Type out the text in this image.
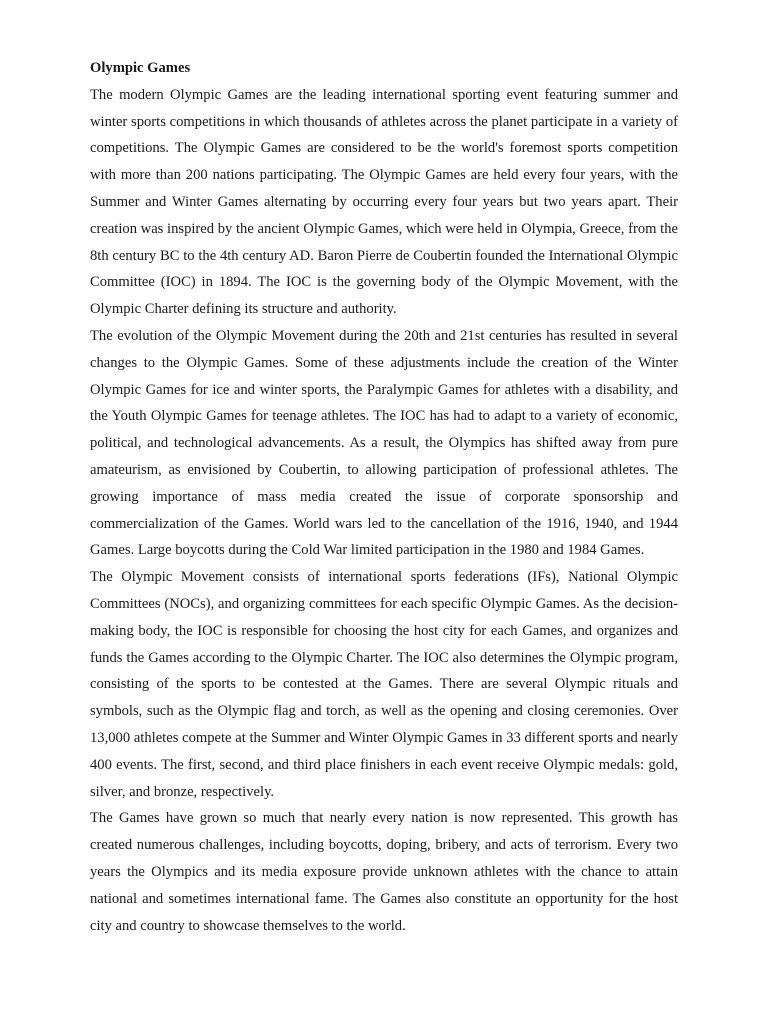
Olympic Games

The modern Olympic Games are the leading international sporting event featuring summer and winter sports competitions in which thousands of athletes across the planet participate in a variety of competitions. The Olympic Games are considered to be the world's foremost sports competition with more than 200 nations participating. The Olympic Games are held every four years, with the Summer and Winter Games alternating by occurring every four years but two years apart. Their creation was inspired by the ancient Olympic Games, which were held in Olympia, Greece, from the 8th century BC to the 4th century AD. Baron Pierre de Coubertin founded the International Olympic Committee (IOC) in 1894. The IOC is the governing body of the Olympic Movement, with the Olympic Charter defining its structure and authority.

The evolution of the Olympic Movement during the 20th and 21st centuries has resulted in several changes to the Olympic Games. Some of these adjustments include the creation of the Winter Olympic Games for ice and winter sports, the Paralympic Games for athletes with a disability, and the Youth Olympic Games for teenage athletes. The IOC has had to adapt to a variety of economic, political, and technological advancements. As a result, the Olympics has shifted away from pure amateurism, as envisioned by Coubertin, to allowing participation of professional athletes. The growing importance of mass media created the issue of corporate sponsorship and commercialization of the Games. World wars led to the cancellation of the 1916, 1940, and 1944 Games. Large boycotts during the Cold War limited participation in the 1980 and 1984 Games.

The Olympic Movement consists of international sports federations (IFs), National Olympic Committees (NOCs), and organizing committees for each specific Olympic Games. As the decision-making body, the IOC is responsible for choosing the host city for each Games, and organizes and funds the Games according to the Olympic Charter. The IOC also determines the Olympic program, consisting of the sports to be contested at the Games. There are several Olympic rituals and symbols, such as the Olympic flag and torch, as well as the opening and closing ceremonies. Over 13,000 athletes compete at the Summer and Winter Olympic Games in 33 different sports and nearly 400 events. The first, second, and third place finishers in each event receive Olympic medals: gold, silver, and bronze, respectively.

The Games have grown so much that nearly every nation is now represented. This growth has created numerous challenges, including boycotts, doping, bribery, and acts of terrorism. Every two years the Olympics and its media exposure provide unknown athletes with the chance to attain national and sometimes international fame. The Games also constitute an opportunity for the host city and country to showcase themselves to the world.
